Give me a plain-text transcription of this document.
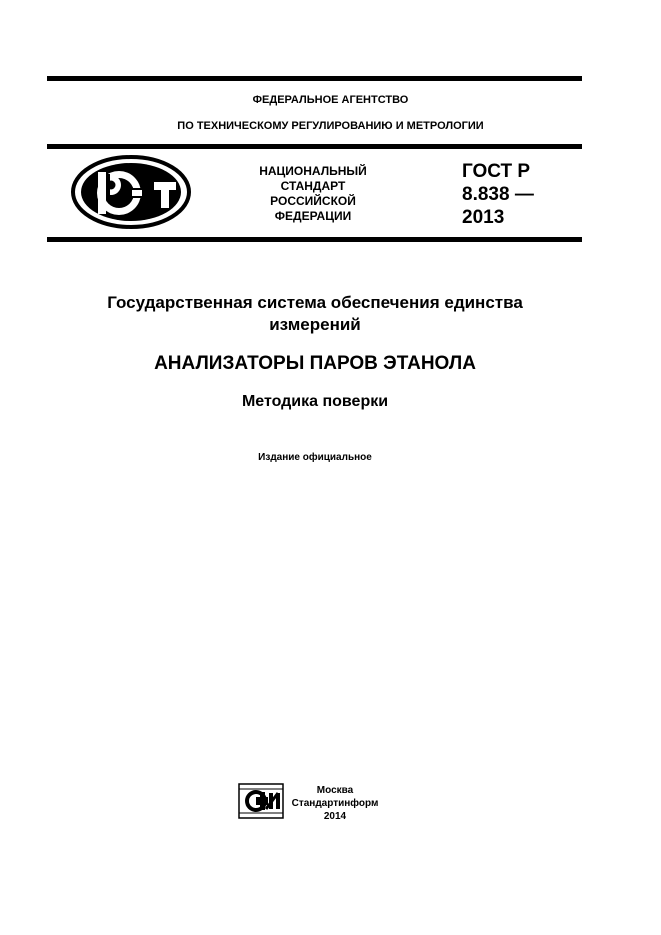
ФЕДЕРАЛЬНОЕ АГЕНТСТВО
ПО ТЕХНИЧЕСКОМУ РЕГУЛИРОВАНИЮ И МЕТРОЛОГИИ
НАЦИОНАЛЬНЫЙ
СТАНДАРТ
РОССИЙСКОЙ
ФЕДЕРАЦИИ
ГОСТ Р
8.838 —
2013
Государственная система обеспечения единства измерений
АНАЛИЗАТОРЫ ПАРОВ ЭТАНОЛА
Методика поверки
Издание официальное
Москва
Стандартинформ
2014
